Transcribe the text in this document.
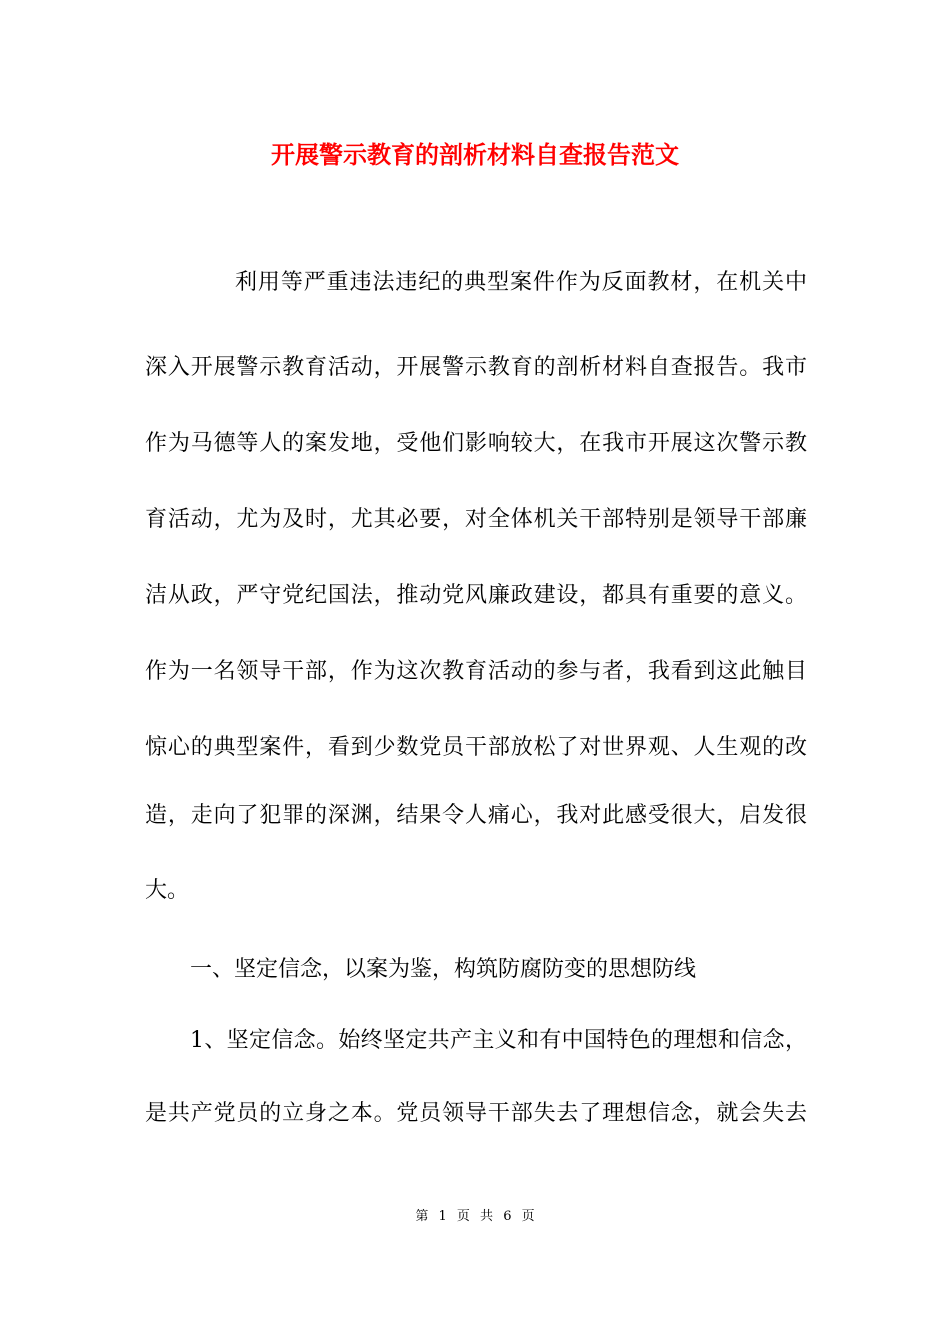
开展警示教育的剖析材料自查报告范文

利用等严重违法违纪的典型案件作为反面教材，在机关中

深入开展警示教育活动，开展警示教育的剖析材料自查报告。我市

作为马德等人的案发地，受他们影响较大，在我市开展这次警示教

育活动，尤为及时，尤其必要，对全体机关干部特别是领导干部廉

洁从政，严守党纪国法，推动党风廉政建设，都具有重要的意义。

作为一名领导干部，作为这次教育活动的参与者，我看到这此触目

惊心的典型案件，看到少数党员干部放松了对世界观、人生观的改

造，走向了犯罪的深渊，结果令人痛心，我对此感受很大，启发很

大。

一、坚定信念，以案为鉴，构筑防腐防变的思想防线

1、坚定信念。始终坚定共产主义和有中国特色的理想和信念，

是共产党员的立身之本。党员领导干部失去了理想信念，就会失去

第 1 页 共 6 页
